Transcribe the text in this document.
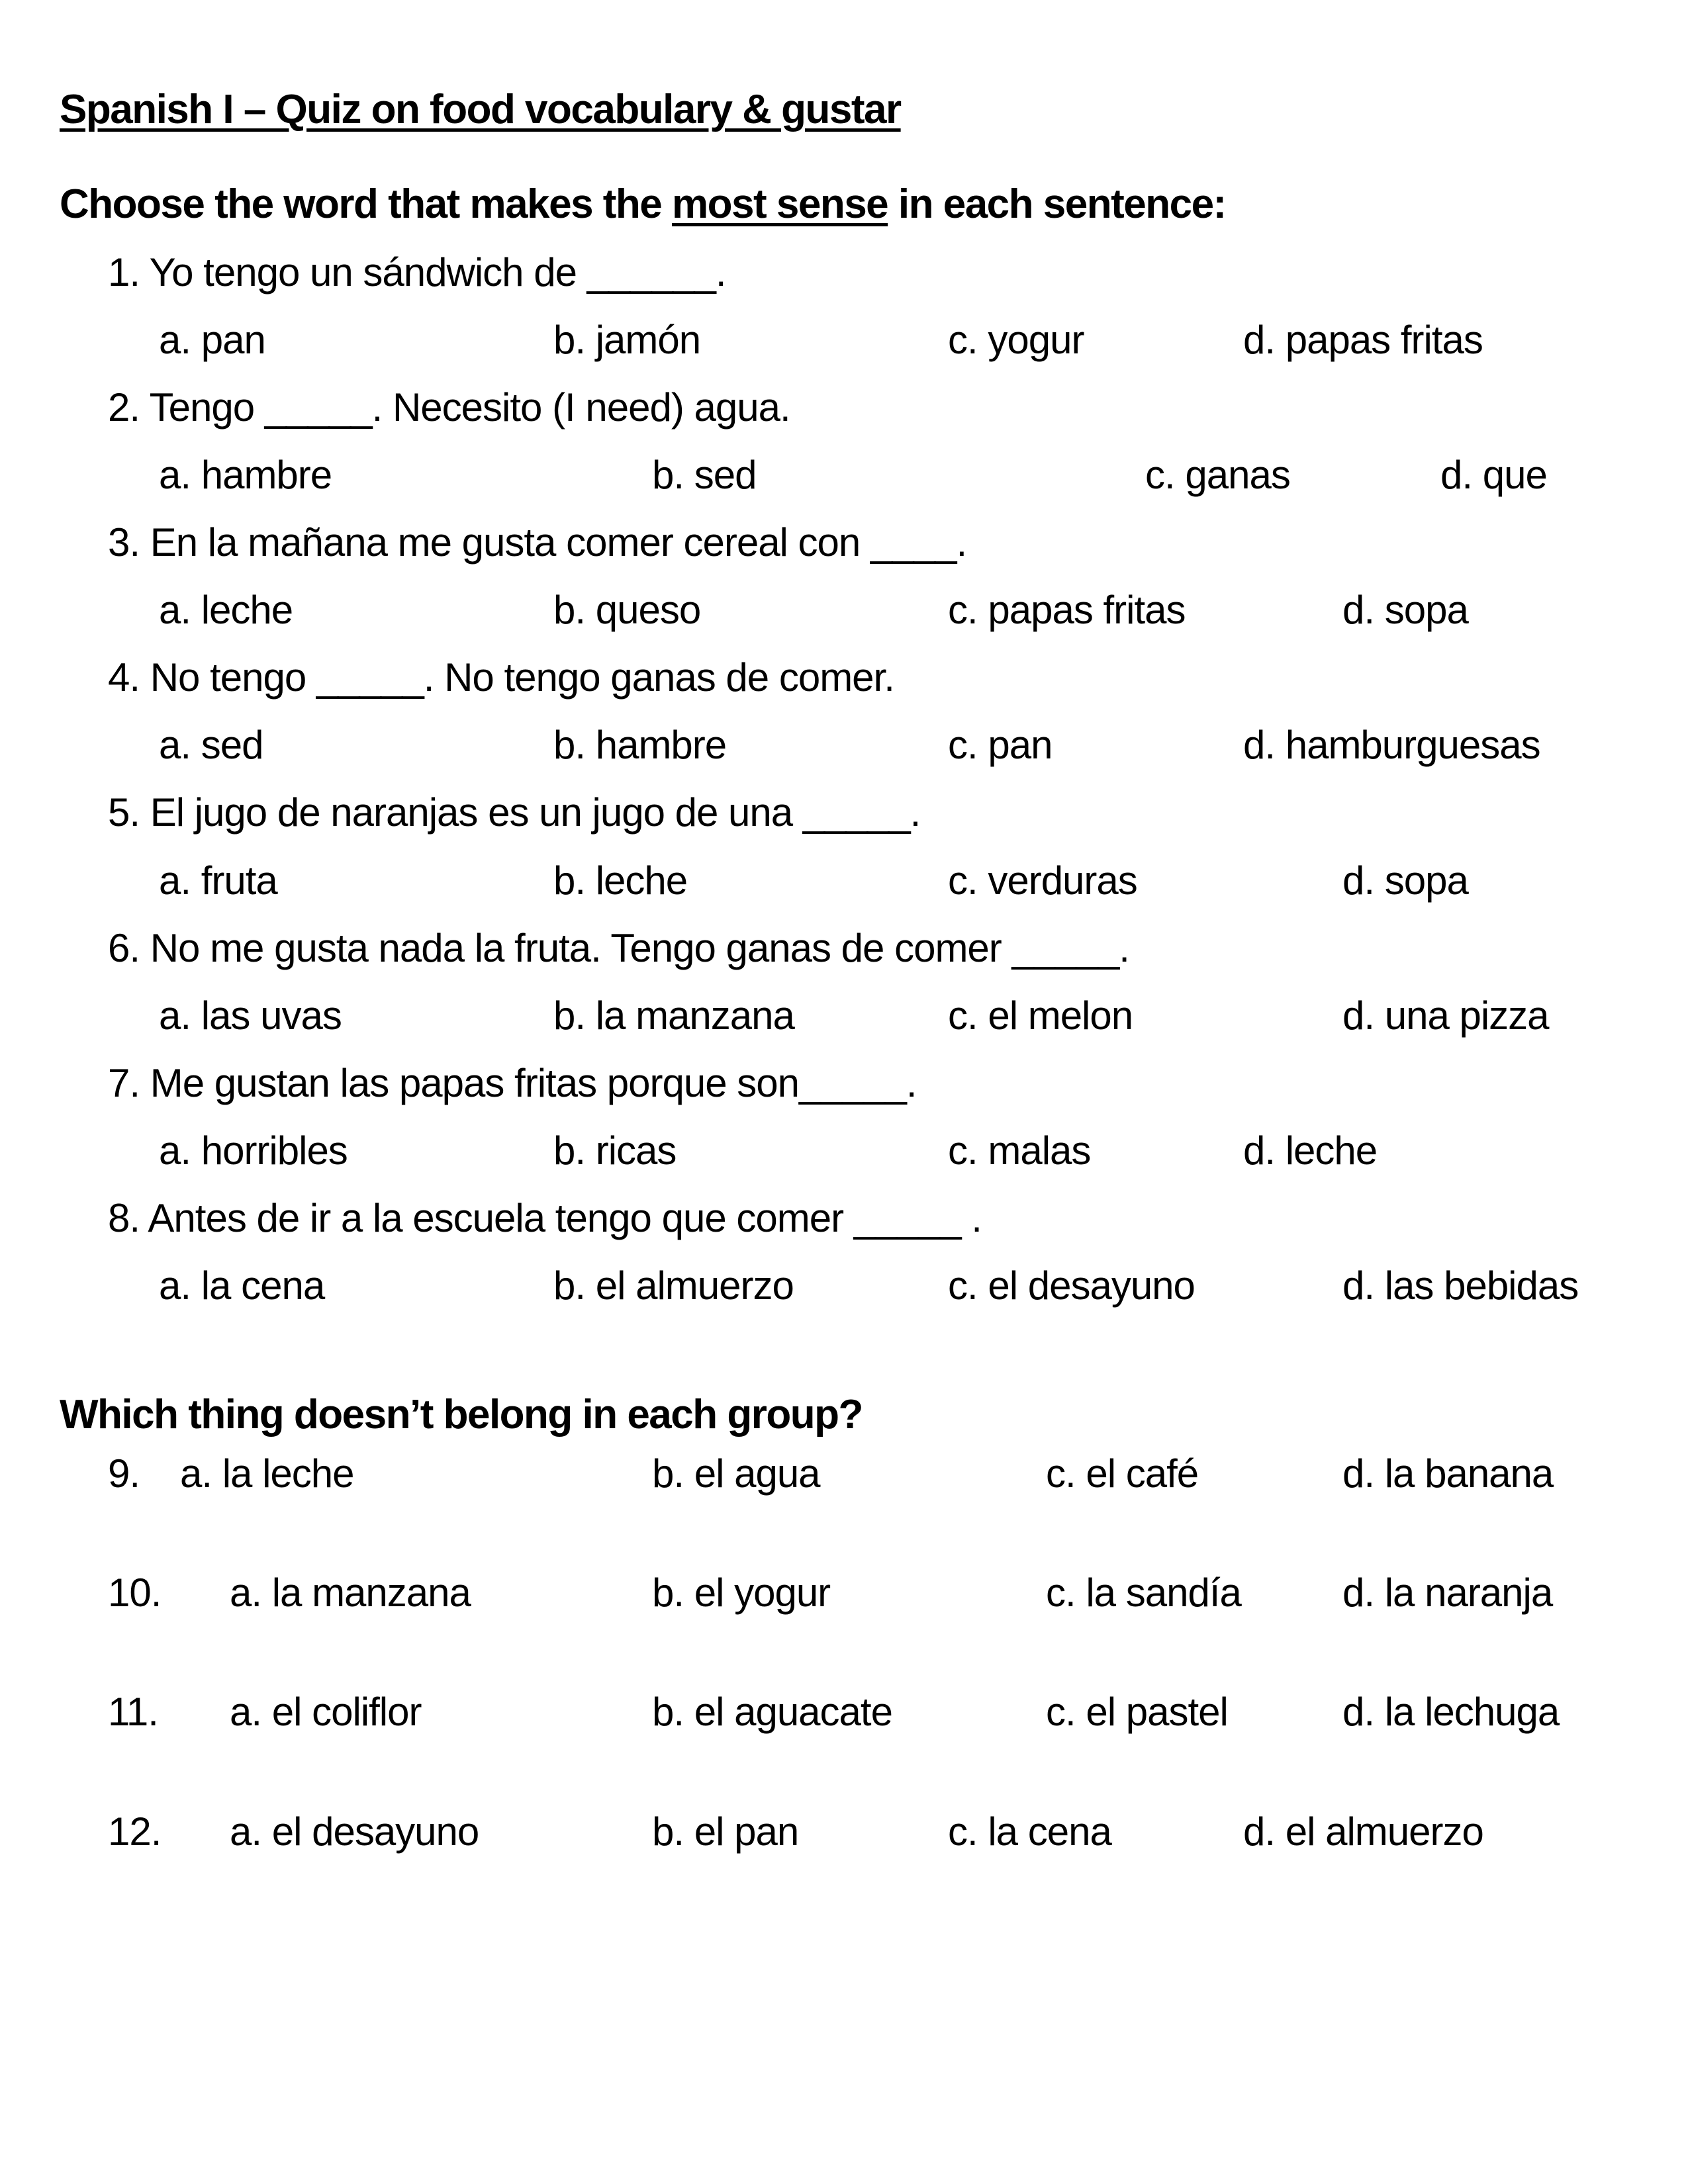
Spanish I – Quiz on food vocabulary & gustar
Choose the word that makes the most sense in each sentence:
1. Yo tengo un sándwich de ______.
a. pan	b. jamón	c. yogur	d. papas fritas
2. Tengo _____. Necesito (I need) agua.
a. hambre	b. sed	c. ganas	d. que
3. En la mañana me gusta comer cereal con ____.
a. leche	b. queso	c. papas fritas	d. sopa
4. No tengo _____. No tengo ganas de comer.
a. sed	b. hambre	c. pan	d. hamburguesas
5. El jugo de naranjas es un jugo de una _____.
a. fruta	b. leche	c. verduras	d. sopa
6. No me gusta nada la fruta. Tengo ganas de comer _____.
a. las uvas	b. la manzana	c. el melon	d. una pizza
7. Me gustan las papas fritas porque son_____.
a. horribles	b. ricas	c. malas	d. leche
8. Antes de ir a la escuela tengo que comer _____ .
a. la cena	b. el almuerzo	c. el desayuno	d. las bebidas
Which thing doesn’t belong in each group?
9. a. la leche	b. el agua	c. el café	d. la banana
10. a. la manzana	b. el yogur	c. la sandía	d. la naranja
11. a. el coliflor	b. el aguacate	c. el pastel	d. la lechuga
12. a. el desayuno	b. el pan	c. la cena	d. el almuerzo
